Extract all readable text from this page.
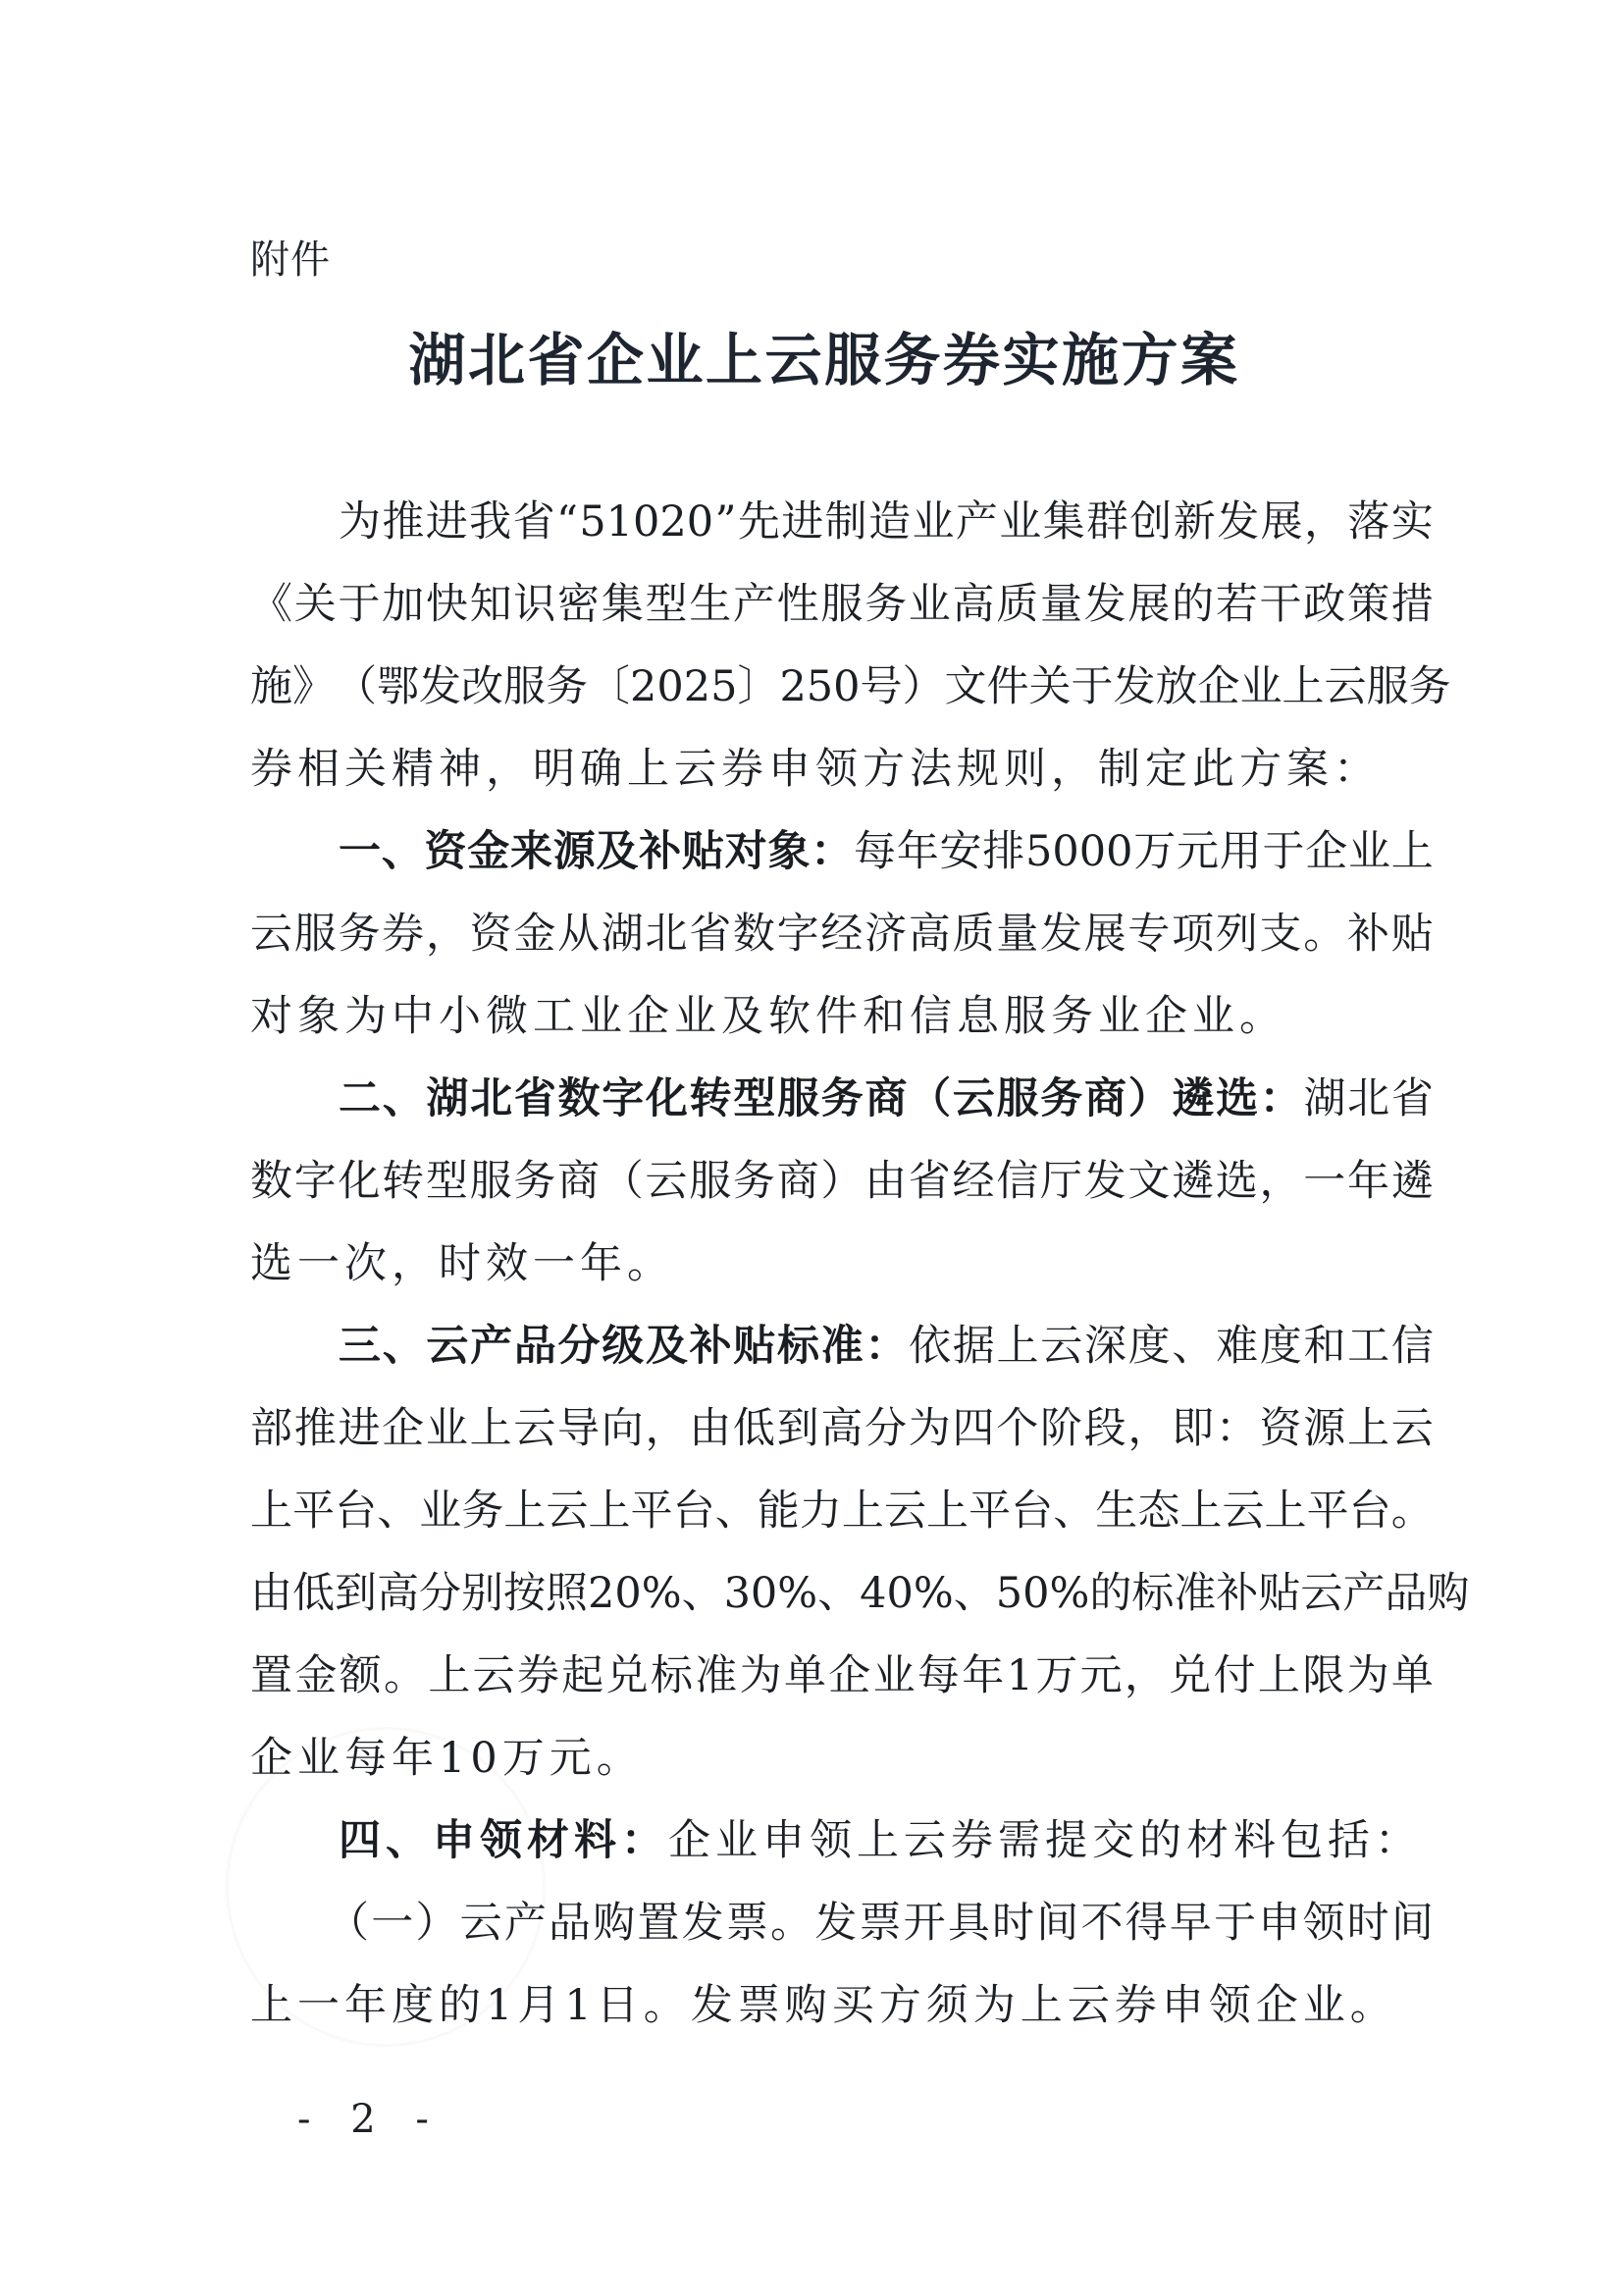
附件
湖北省企业上云服务券实施方案
为 推 进 我 省 “ 51020 ” 先 进 制 造 业 产 业 集 群 创 新 发 展 ， 落 实
《 关 于 加 快 知 识 密 集 型 生 产 性 服 务 业 高 质 量 发 展 的 若 干 政 策 措
施 》 （ 鄂 发 改 服 务 〔 2025 〕 250 号 ） 文 件 关 于 发 放 企 业 上 云 服 务
券 相 关 精 神 ， 明 确 上 云 券 申 领 方 法 规 则 ， 制 定 此 方 案 ：
一 、 资 金 来 源 及 补 贴 对 象 ： 每 年 安 排 5000 万 元 用 于 企 业 上
云 服 务 券 ， 资 金 从 湖 北 省 数 字 经 济 高 质 量 发 展 专 项 列 支 。 补 贴
对 象 为 中 小 微 工 业 企 业 及 软 件 和 信 息 服 务 业 企 业 。
二 、 湖 北 省 数 字 化 转 型 服 务 商 （ 云 服 务 商 ） 遴 选 ： 湖 北 省
数 字 化 转 型 服 务 商 （ 云 服 务 商 ） 由 省 经 信 厅 发 文 遴 选 ， 一 年 遴
选 一 次 ， 时 效 一 年 。
三 、 云 产 品 分 级 及 补 贴 标 准 ： 依 据 上 云 深 度 、 难 度 和 工 信
部 推 进 企 业 上 云 导 向 ， 由 低 到 高 分 为 四 个 阶 段 ， 即 ： 资 源 上 云
上 平 台 、 业 务 上 云 上 平 台 、 能 力 上 云 上 平 台 、 生 态 上 云 上 平 台 。
由 低 到 高 分 别 按 照 20% 、 30% 、 40% 、 50% 的 标 准 补 贴 云 产 品 购
置 金 额 。 上 云 券 起 兑 标 准 为 单 企 业 每 年 1 万 元 ， 兑 付 上 限 为 单
企 业 每 年 10 万 元 。
四 、 申 领 材 料 ： 企 业 申 领 上 云 券 需 提 交 的 材 料 包 括 ：
（ 一 ） 云 产 品 购 置 发 票 。 发 票 开 具 时 间 不 得 早 于 申 领 时 间
上 一 年 度 的 1 月 1 日 。 发 票 购 买 方 须 为 上 云 券 申 领 企 业 。
- 2 -
